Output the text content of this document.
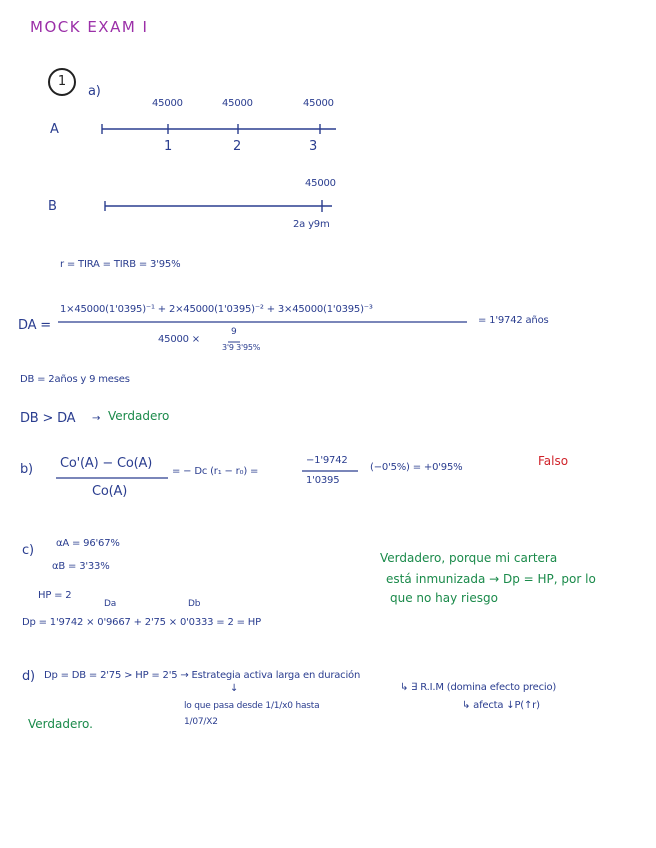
MOCK EXAM I
1
a)
A
45000	45000	45000
1	2	3
B
45000
2a y9m
r = TIRA = TIRB = 3'95%
DA =
1×45000(1'0395)⁻¹ + 2×45000(1'0395)⁻² + 3×45000(1'0395)⁻³
45000 ×
9
3'9 3'95%
= 1'9742 años
DB = 2años y 9 meses
DB > DA → Verdadero
b) Co'(A) − Co(A)
Co(A)
= − Dc (r₁ − r₀) =
−1'9742
1'0395
(−0'5%) = +0'95%	Falso
c) αA = 96'67%
αB = 3'33%
HP = 2
Da	Db
Dp = 1'9742 × 0'9667 + 2'75 × 0'0333 = 2 = HP
Verdadero, porque mi cartera
está inmunizada → Dp = HP, por lo
que no hay riesgo
d) Dp = DB = 2'75 > HP = 2'5 → Estrategia activa larga en duración
↓
lo que pasa desde 1/1/x0 hasta
1/07/X2
↳ ∃ R.I.M (domina efecto precio)
↳ afecta ↓P(↑r)
Verdadero.
